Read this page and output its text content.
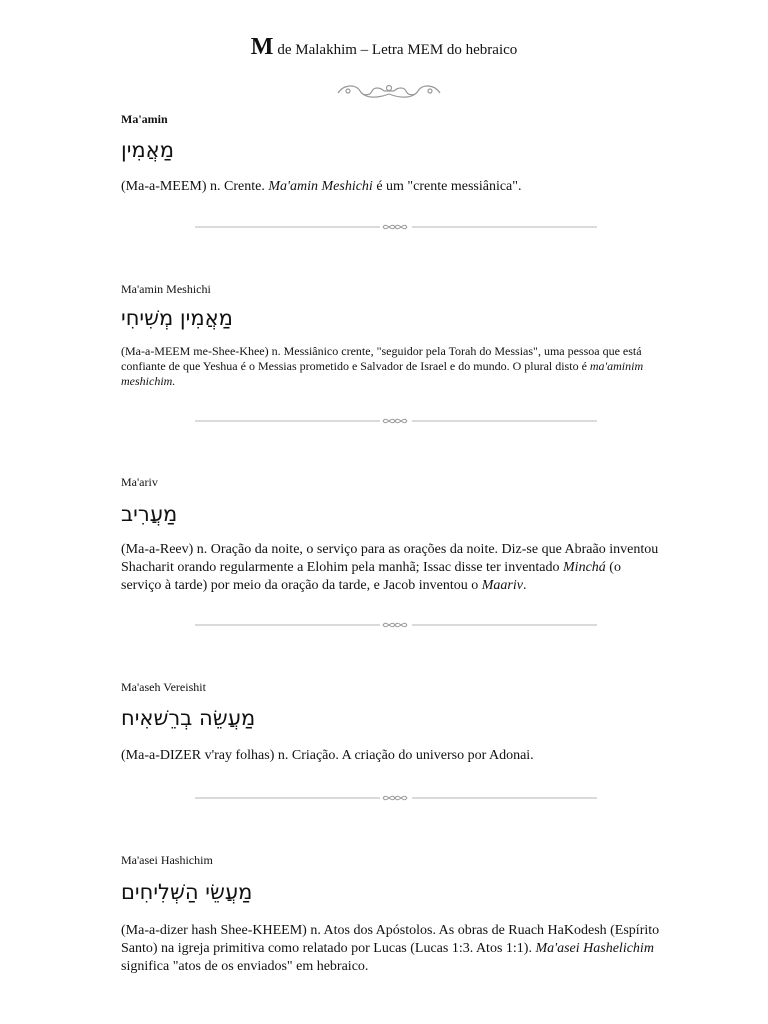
Mde Malakhim – Letra MEM do hebraico
Ma'amin
מַאֲמִין
(Ma-a-MEEM) n. Crente. Ma'amin Meshichi é um "crente messiânica".
Ma'amin Meshichi
מַאֲמִין מְשִׁיחִי
(Ma-a-MEEM me-Shee-Khee) n. Messiânico crente, "seguidor pela Torah do Messias", uma pessoa que está confiante de que Yeshua é o Messias prometido e Salvador de Israel e do mundo. O plural disto é ma'aminim meshichim.
Ma'ariv
מַעֲרִיב
(Ma-a-Reev) n. Oração da noite, o serviço para as orações da noite. Diz-se que Abraão inventou Shacharit orando regularmente a Elohim pela manhã; Issac disse ter inventado Minchá (o serviço à tarde) por meio da oração da tarde, e Jacob inventou o Maariv.
Ma'aseh Vereishit
מַעֲשֵׂה בְרֵשׁאִיח
(Ma-a-DIZER v'ray folhas) n. Criação. A criação do universo por Adonai.
Ma'asei Hashichim
מַעֲשֵׂי הַשְּׁלִיחִים
(Ma-a-dizer hash Shee-KHEEM) n. Atos dos Apóstolos. As obras de Ruach HaKodesh (Espírito Santo) na igreja primitiva como relatado por Lucas (Lucas 1:3. Atos 1:1). Ma'asei Hashelichim significa "atos de os enviados" em hebraico.
